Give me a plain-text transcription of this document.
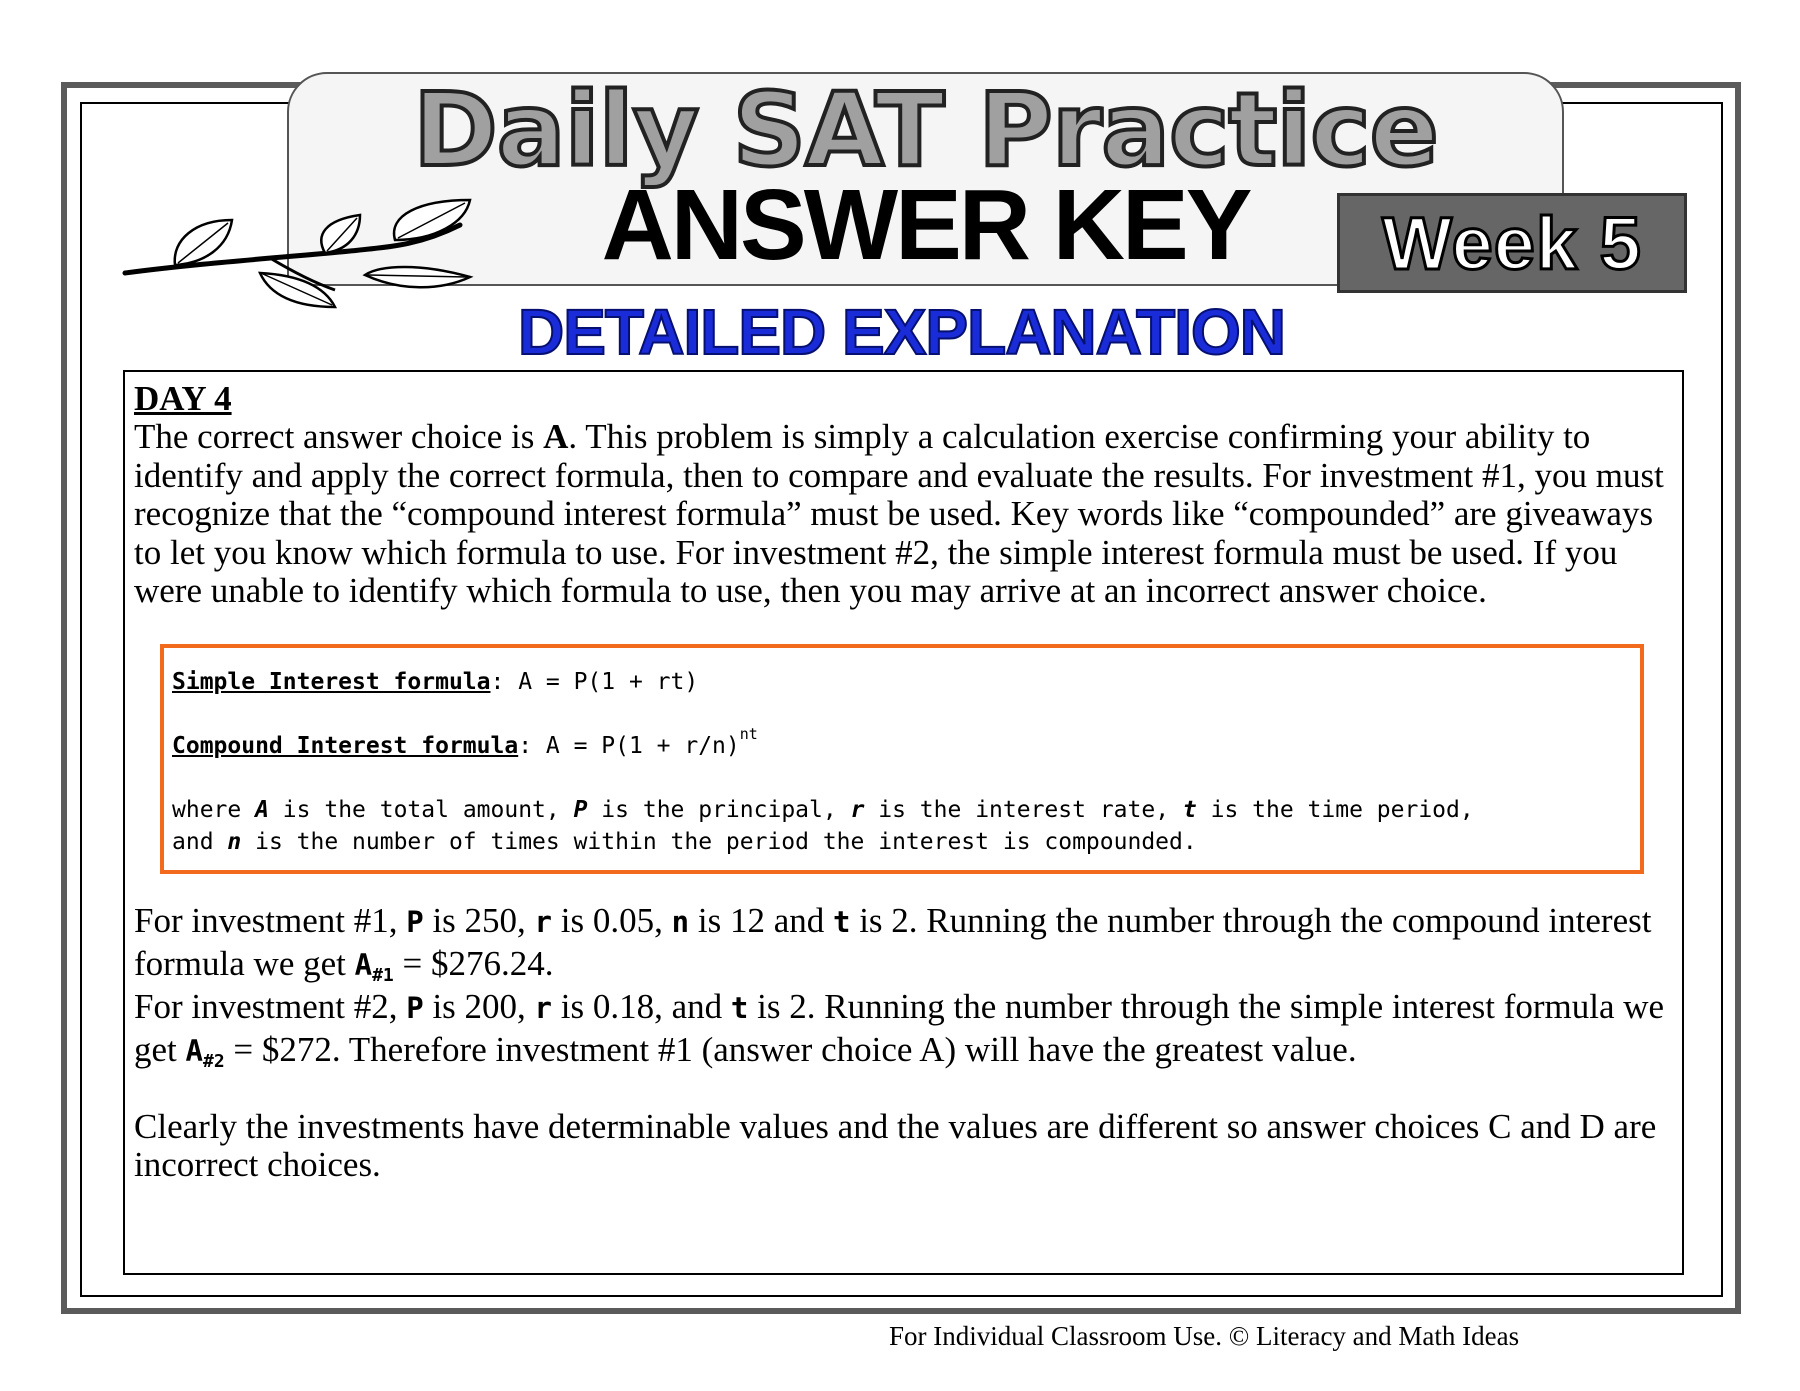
Daily SAT Practice
ANSWER KEY	Week 5
DETAILED EXPLANATION

DAY 4

The correct answer choice is A. This problem is simply a calculation exercise confirming your ability to identify and apply the correct formula, then to compare and evaluate the results. For investment #1, you must recognize that the “compound interest formula” must be used. Key words like “compounded” are giveaways to let you know which formula to use. For investment #2, the simple interest formula must be used. If you were unable to identify which formula to use, then you may arrive at an incorrect answer choice.

Simple Interest formula: A = P(1 + rt)

Compound Interest formula: $A = P(1 + r/n)^{nt}$

where A is the total amount, P is the principal, r is the interest rate, t is the time period,

and n is the number of times within the period the interest is compounded.

For investment #1, P is 250, r is 0.05, n is 12 and t is 2. Running the number through the compound interest formula we get $A_{\#1}$ = $276.24.

For investment #2, P is 200, r is 0.18, and t is 2. Running the number through the simple interest formula we get $A_{\#2}$ = $272. Therefore investment #1 (answer choice A) will have the greatest value.

Clearly the investments have determinable values and the values are different so answer choices C and D are incorrect choices.

For Individual Classroom Use. © Literacy and Math Ideas
